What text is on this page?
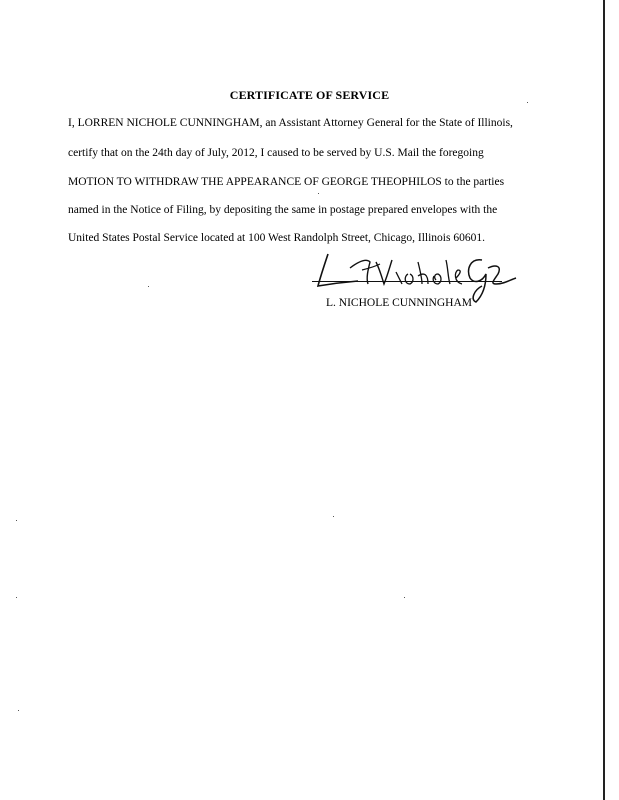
CERTIFICATE OF SERVICE
I, LORREN NICHOLE CUNNINGHAM, an Assistant Attorney General for the State of Illinois,
certify that on the 24th day of July, 2012, I caused to be served by U.S. Mail the foregoing
MOTION TO WITHDRAW THE APPEARANCE OF GEORGE THEOPHILOS to the parties
named in the Notice of Filing, by depositing the same in postage prepared envelopes with the
United States Postal Service located at 100 West Randolph Street, Chicago, Illinois 60601.
L. NICHOLE CUNNINGHAM
